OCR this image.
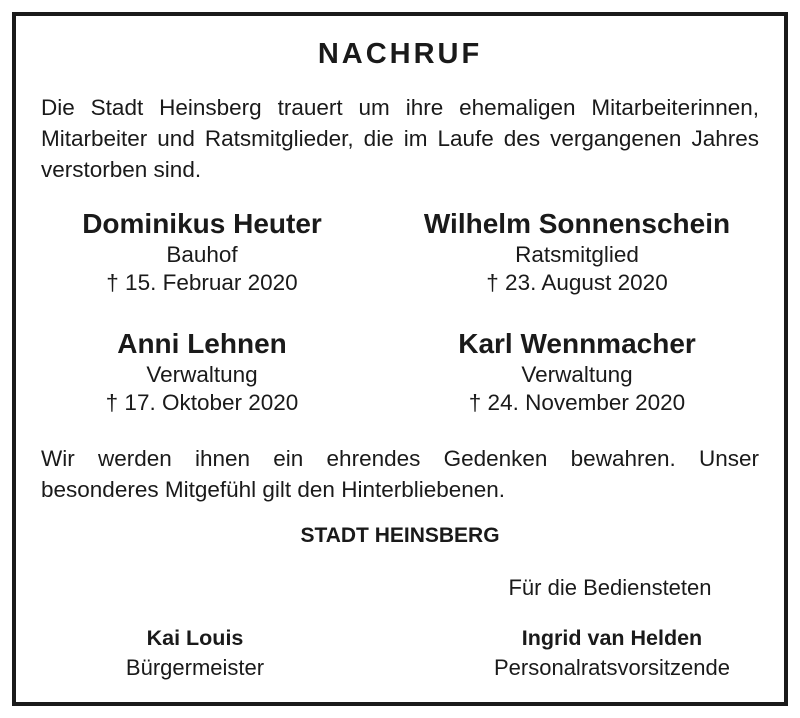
NACHRUF
Die Stadt Heinsberg trauert um ihre ehemaligen Mitarbeiterinnen, Mitarbeiter und Ratsmitglieder, die im Laufe des vergangenen Jahres verstorben sind.
Dominikus Heuter
Bauhof
† 15. Februar 2020
Wilhelm Sonnenschein
Ratsmitglied
† 23. August 2020
Anni Lehnen
Verwaltung
† 17. Oktober 2020
Karl Wennmacher
Verwaltung
† 24. November 2020
Wir werden ihnen ein ehrendes Gedenken bewahren. Unser besonderes Mitgefühl gilt den Hinterbliebenen.
STADT HEINSBERG
Für die Bediensteten
Kai Louis
Bürgermeister
Ingrid van Helden
Personalratsvorsitzende
